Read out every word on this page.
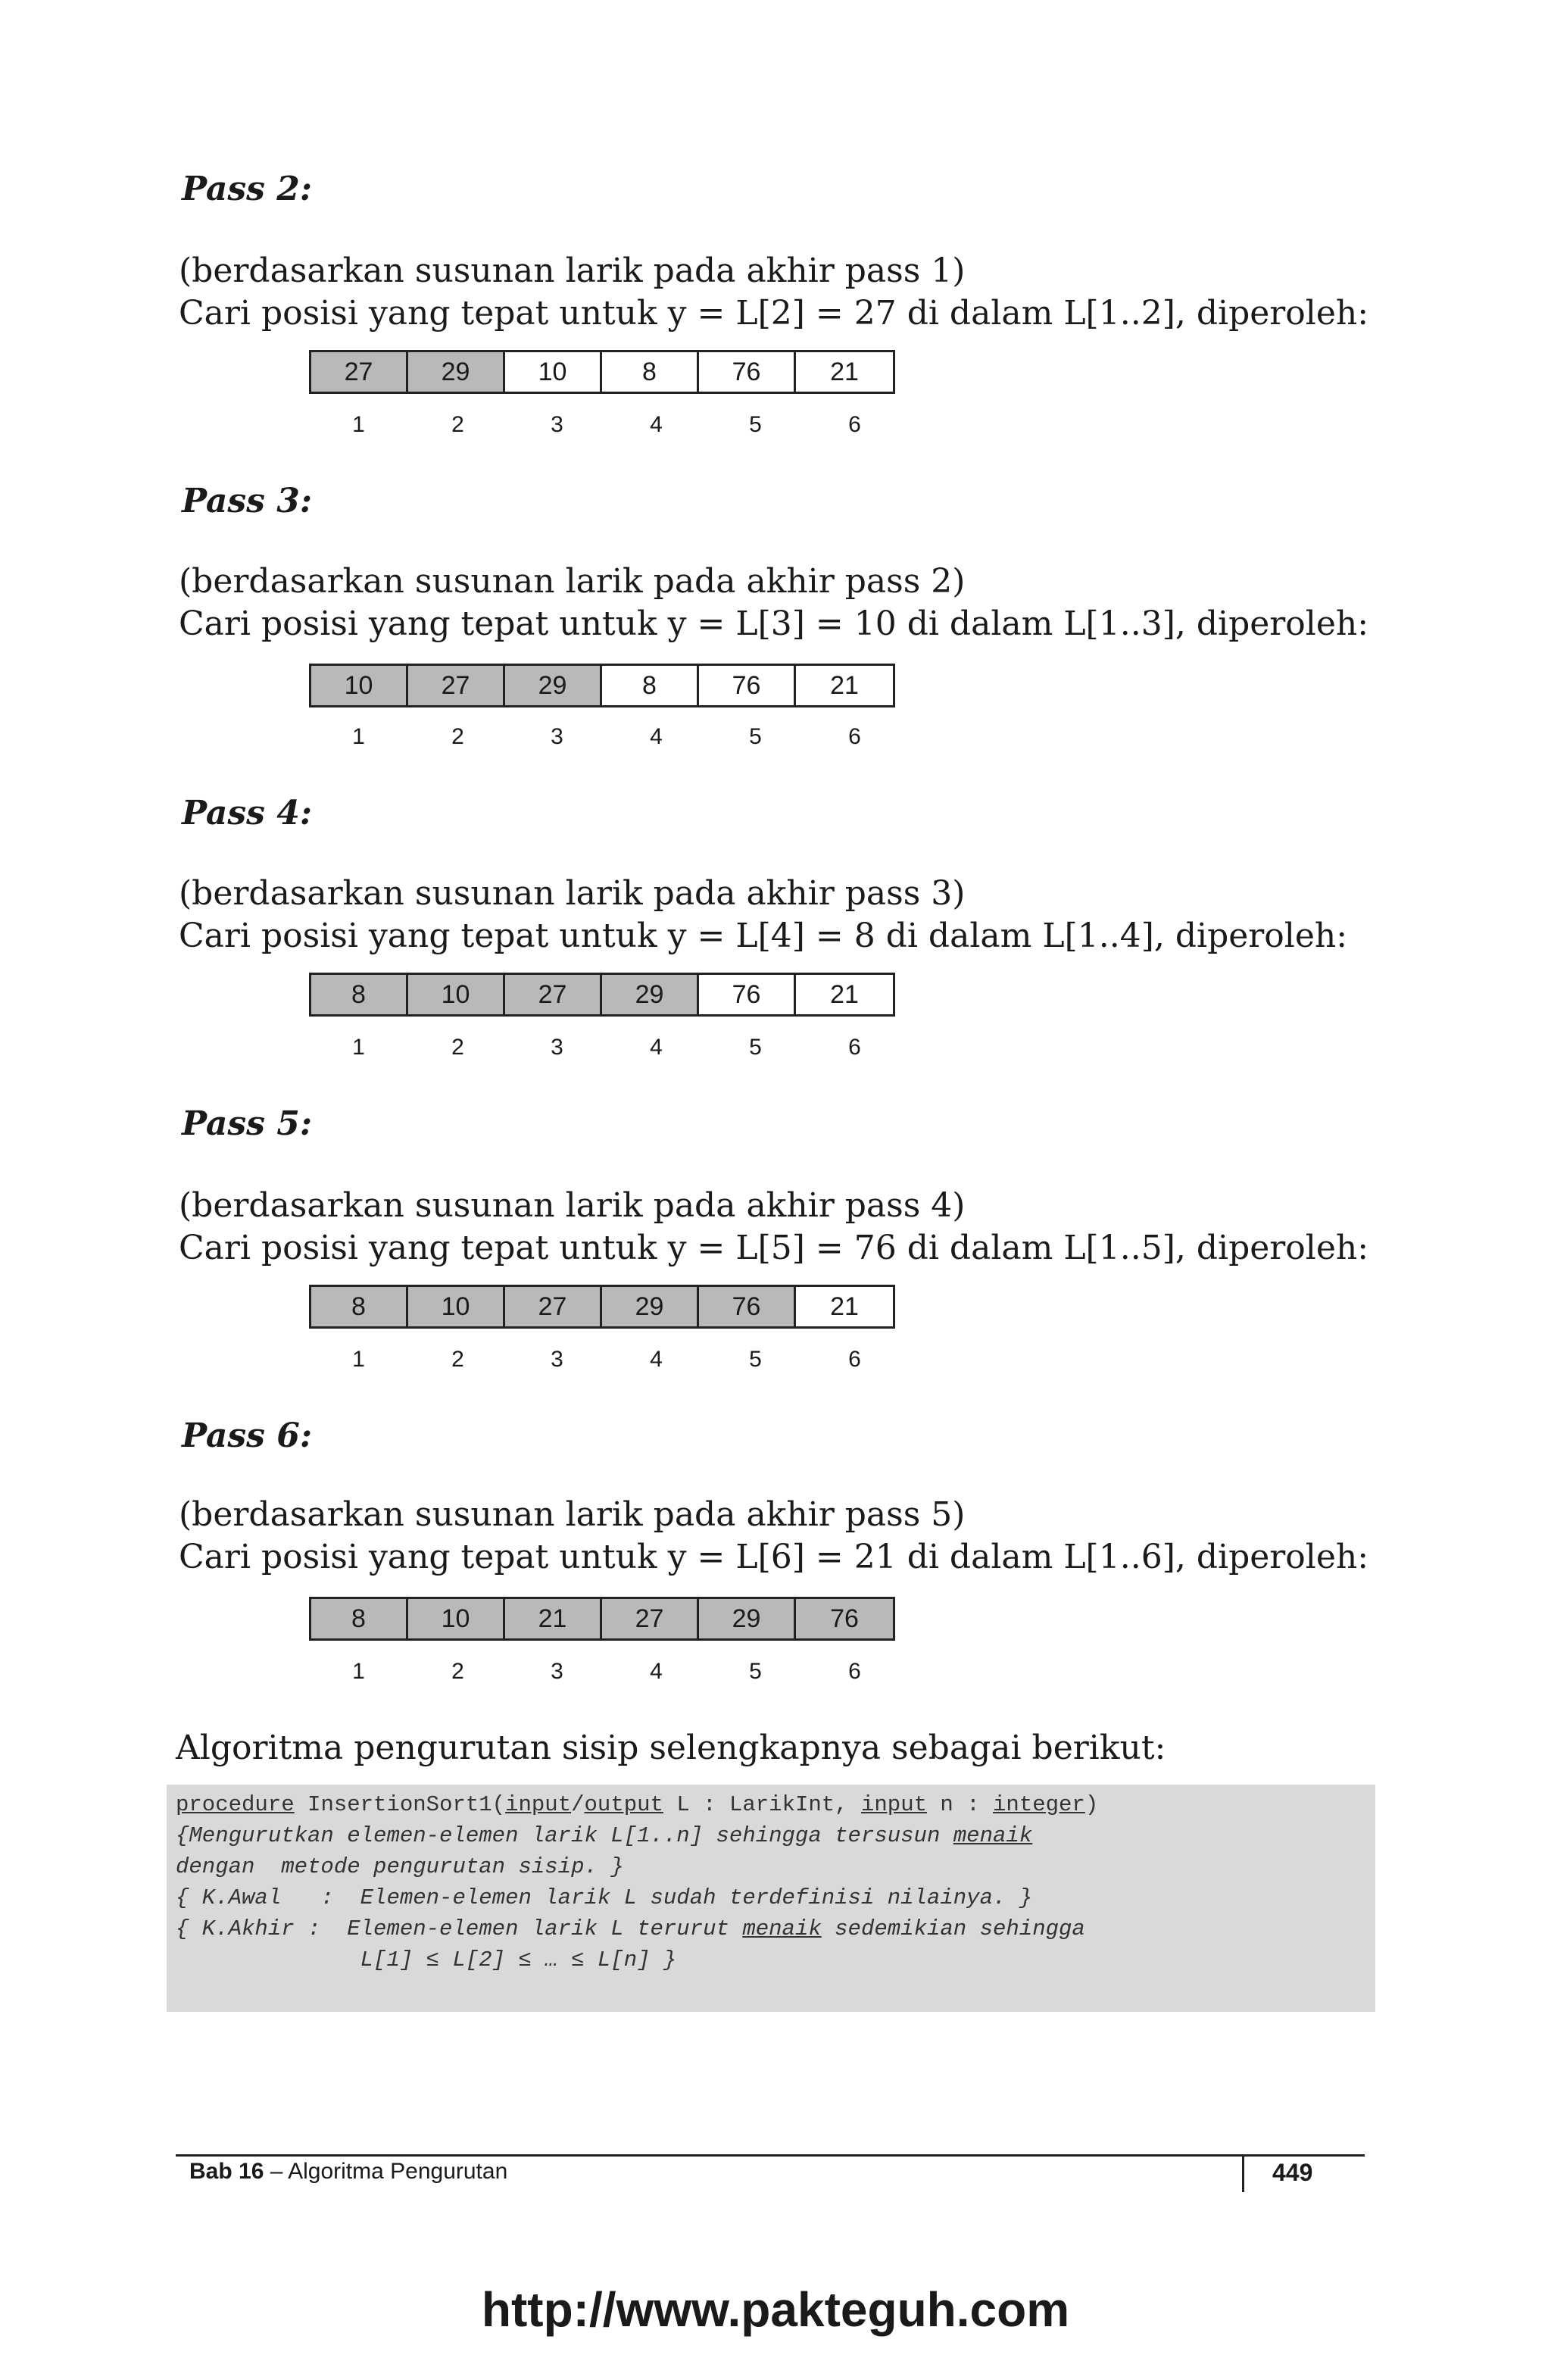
Pass 2:
(berdasarkan susunan larik pada akhir pass 1)
Cari posisi yang tepat untuk y = L[2] = 27 di dalam L[1..2], diperoleh:
27	29	10	8	76	21
1	2	3	4	5	6
Pass 3:
(berdasarkan susunan larik pada akhir pass 2)
Cari posisi yang tepat untuk y = L[3] = 10 di dalam L[1..3], diperoleh:
10	27	29	8	76	21
1	2	3	4	5	6
Pass 4:
(berdasarkan susunan larik pada akhir pass 3)
Cari posisi yang tepat untuk y = L[4] = 8 di dalam L[1..4], diperoleh:
8	10	27	29	76	21
1	2	3	4	5	6
Pass 5:
(berdasarkan susunan larik pada akhir pass 4)
Cari posisi yang tepat untuk y = L[5] = 76 di dalam L[1..5], diperoleh:
8	10	27	29	76	21
1	2	3	4	5	6
Pass 6:
(berdasarkan susunan larik pada akhir pass 5)
Cari posisi yang tepat untuk y = L[6] = 21 di dalam L[1..6], diperoleh:
8	10	21	27	29	76
1	2	3	4	5	6
Algoritma pengurutan sisip selengkapnya sebagai berikut:
procedure InsertionSort1(input/output L : LarikInt, input n : integer)
{Mengurutkan elemen-elemen larik L[1..n] sehingga tersusun menaik
dengan  metode pengurutan sisip. }
{ K.Awal   :  Elemen-elemen larik L sudah terdefinisi nilainya. }
{ K.Akhir :  Elemen-elemen larik L terurut menaik sedemikian sehingga
L[1] ≤ L[2] ≤ … ≤ L[n] }
Bab 16 – Algoritma Pengurutan	449
http://www.pakteguh.com
